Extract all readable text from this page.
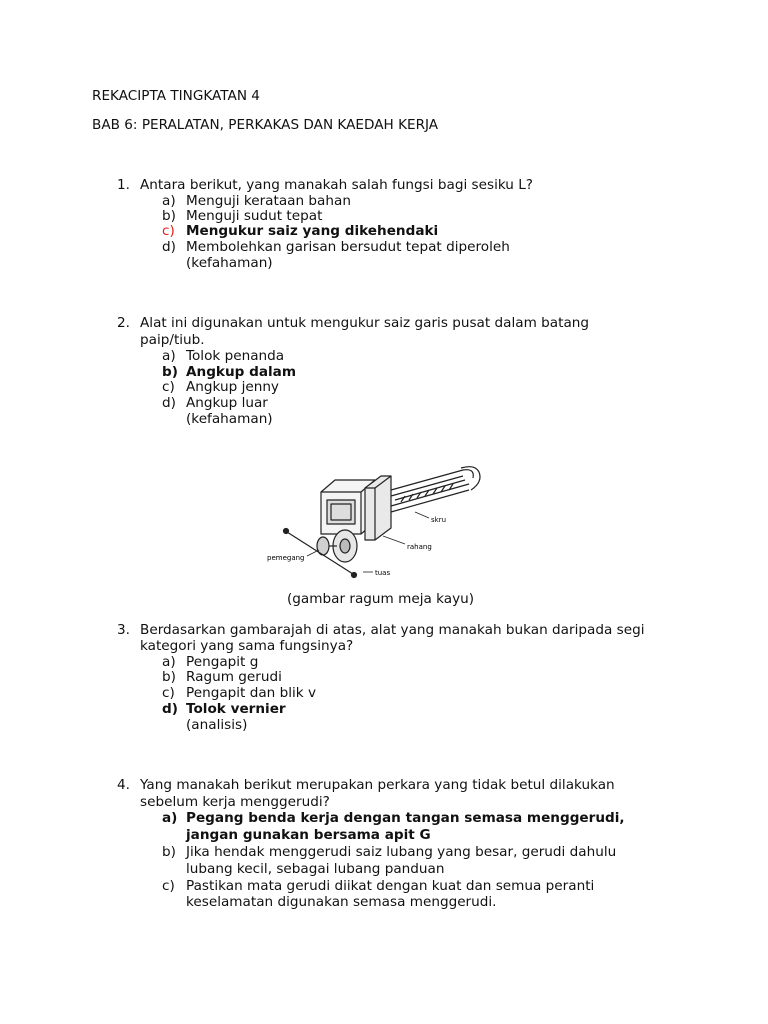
REKACIPTA TINGKATAN 4
BAB 6: PERALATAN, PERKAKAS DAN KAEDAH KERJA
1. Antara berikut, yang manakah salah fungsi bagi sesiku L?
a) Menguji kerataan bahan
b) Menguji sudut tepat
c) Mengukur saiz yang dikehendaki
d) Membolehkan garisan bersudut tepat diperoleh
(kefahaman)
2. Alat ini digunakan untuk mengukur saiz garis pusat dalam batang
paip/tiub.
a) Tolok penanda
b) Angkup dalam
c) Angkup jenny
d) Angkup luar
(kefahaman)
skru
rahang
pemegang
tuas
(gambar ragum meja kayu)
3. Berdasarkan gambarajah di atas, alat yang manakah bukan daripada segi
kategori yang sama fungsinya?
a) Pengapit g
b) Ragum gerudi
c) Pengapit dan blik v
d) Tolok vernier
(analisis)
4. Yang manakah berikut merupakan perkara yang tidak betul dilakukan
sebelum kerja menggerudi?
a) Pegang benda kerja dengan tangan semasa menggerudi,
jangan gunakan bersama apit G
b) Jika hendak menggerudi saiz lubang yang besar, gerudi dahulu
lubang kecil, sebagai lubang panduan
c) Pastikan mata gerudi diikat dengan kuat dan semua peranti
keselamatan digunakan semasa menggerudi.
